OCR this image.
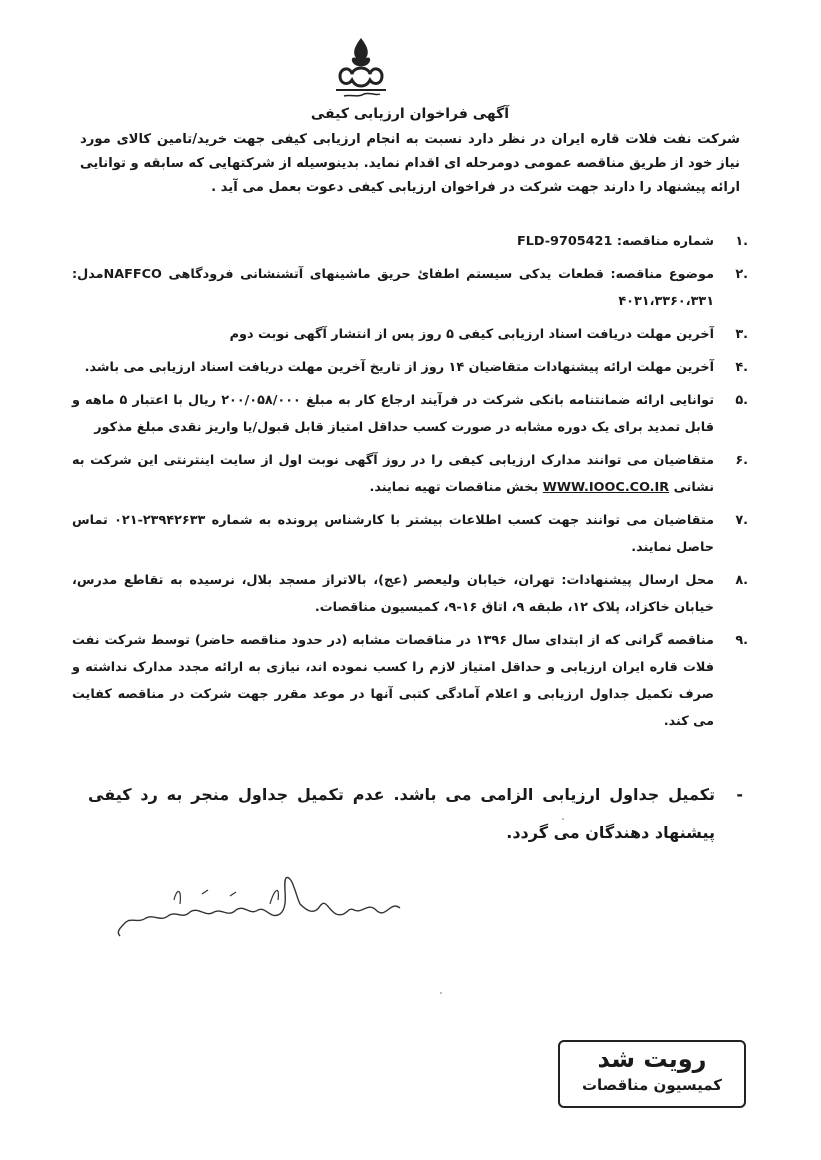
آگهی فراخوان ارزیابی کیفی
شرکت نفت فلات قاره ایران در نظر دارد نسبت به انجام ارزیابی کیفی جهت خرید/تامین کالای مورد نیاز خود از طریق مناقصه عمومی دومرحله ای اقدام نماید. بدینوسیله از شرکتهایی که سابقه و توانایی ارائه پیشنهاد را دارند جهت شرکت در فراخوان ارزیابی کیفی دعوت بعمل می آید .
.۱
شماره مناقصه: FLD-9705421
.۲
موضوع مناقصه: قطعات یدکی سیستم اطفائ حریق ماشینهای آتشنشانی فرودگاهی NAFFCOمدل: ۴۰۳۱،۳۳۶۰،۳۳۱
.۳
آخرین مهلت دریافت اسناد ارزیابی کیفی ۵ روز پس از انتشار آگهی نوبت دوم
.۴
آخرین مهلت ارائه پیشنهادات متقاضیان ۱۴ روز از تاریخ آخرین مهلت دریافت اسناد ارزیابی می باشد.
.۵
توانایی ارائه ضمانتنامه بانکی شرکت در فرآیند ارجاع کار به مبلغ ۲۰۰/۰۵۸/۰۰۰ ریال با اعتبار ۵ ماهه و قابل تمدید برای یک دوره مشابه در صورت کسب حداقل امتیاز قابل قبول/یا واریز نقدی مبلغ مذکور
.۶
متقاضیان می توانند مدارک ارزیابی کیفی را در روز آگهی نوبت اول از سایت اینترنتی این شرکت به نشانی WWW.IOOC.CO.IR بخش مناقصات تهیه نمایند.
.۷
متقاضیان می توانند جهت کسب اطلاعات بیشتر با کارشناس پرونده به شماره ۲۳۹۴۲۶۳۳-۰۲۱ تماس حاصل نمایند.
.۸
محل ارسال پیشنهادات: تهران، خیابان ولیعصر (عج)، بالاتراز مسجد بلال، نرسیده به تقاطع مدرس، خیابان خاکزاد، پلاک ۱۲، طبقه ۹، اتاق ۱۶-۹، کمیسیون مناقصات.
.۹
مناقصه گرانی که از ابتدای سال ۱۳۹۶ در مناقصات مشابه (در حدود مناقصه حاضر) توسط شرکت نفت فلات قاره ایران ارزیابی و حداقل امتیاز لازم را کسب نموده اند، نیازی به ارائه مجدد مدارک نداشته و صرف تکمیل جداول ارزیابی و اعلام آمادگی کتبی آنها در موعد مقرر جهت شرکت در مناقصه کفایت می کند.
-
تکمیل جداول ارزیابی الزامی می باشد. عدم تکمیل جداول منجر به رد کیفی پیشنهاد دهندگان می گردد.
رویت شد
کمیسیون مناقصات
